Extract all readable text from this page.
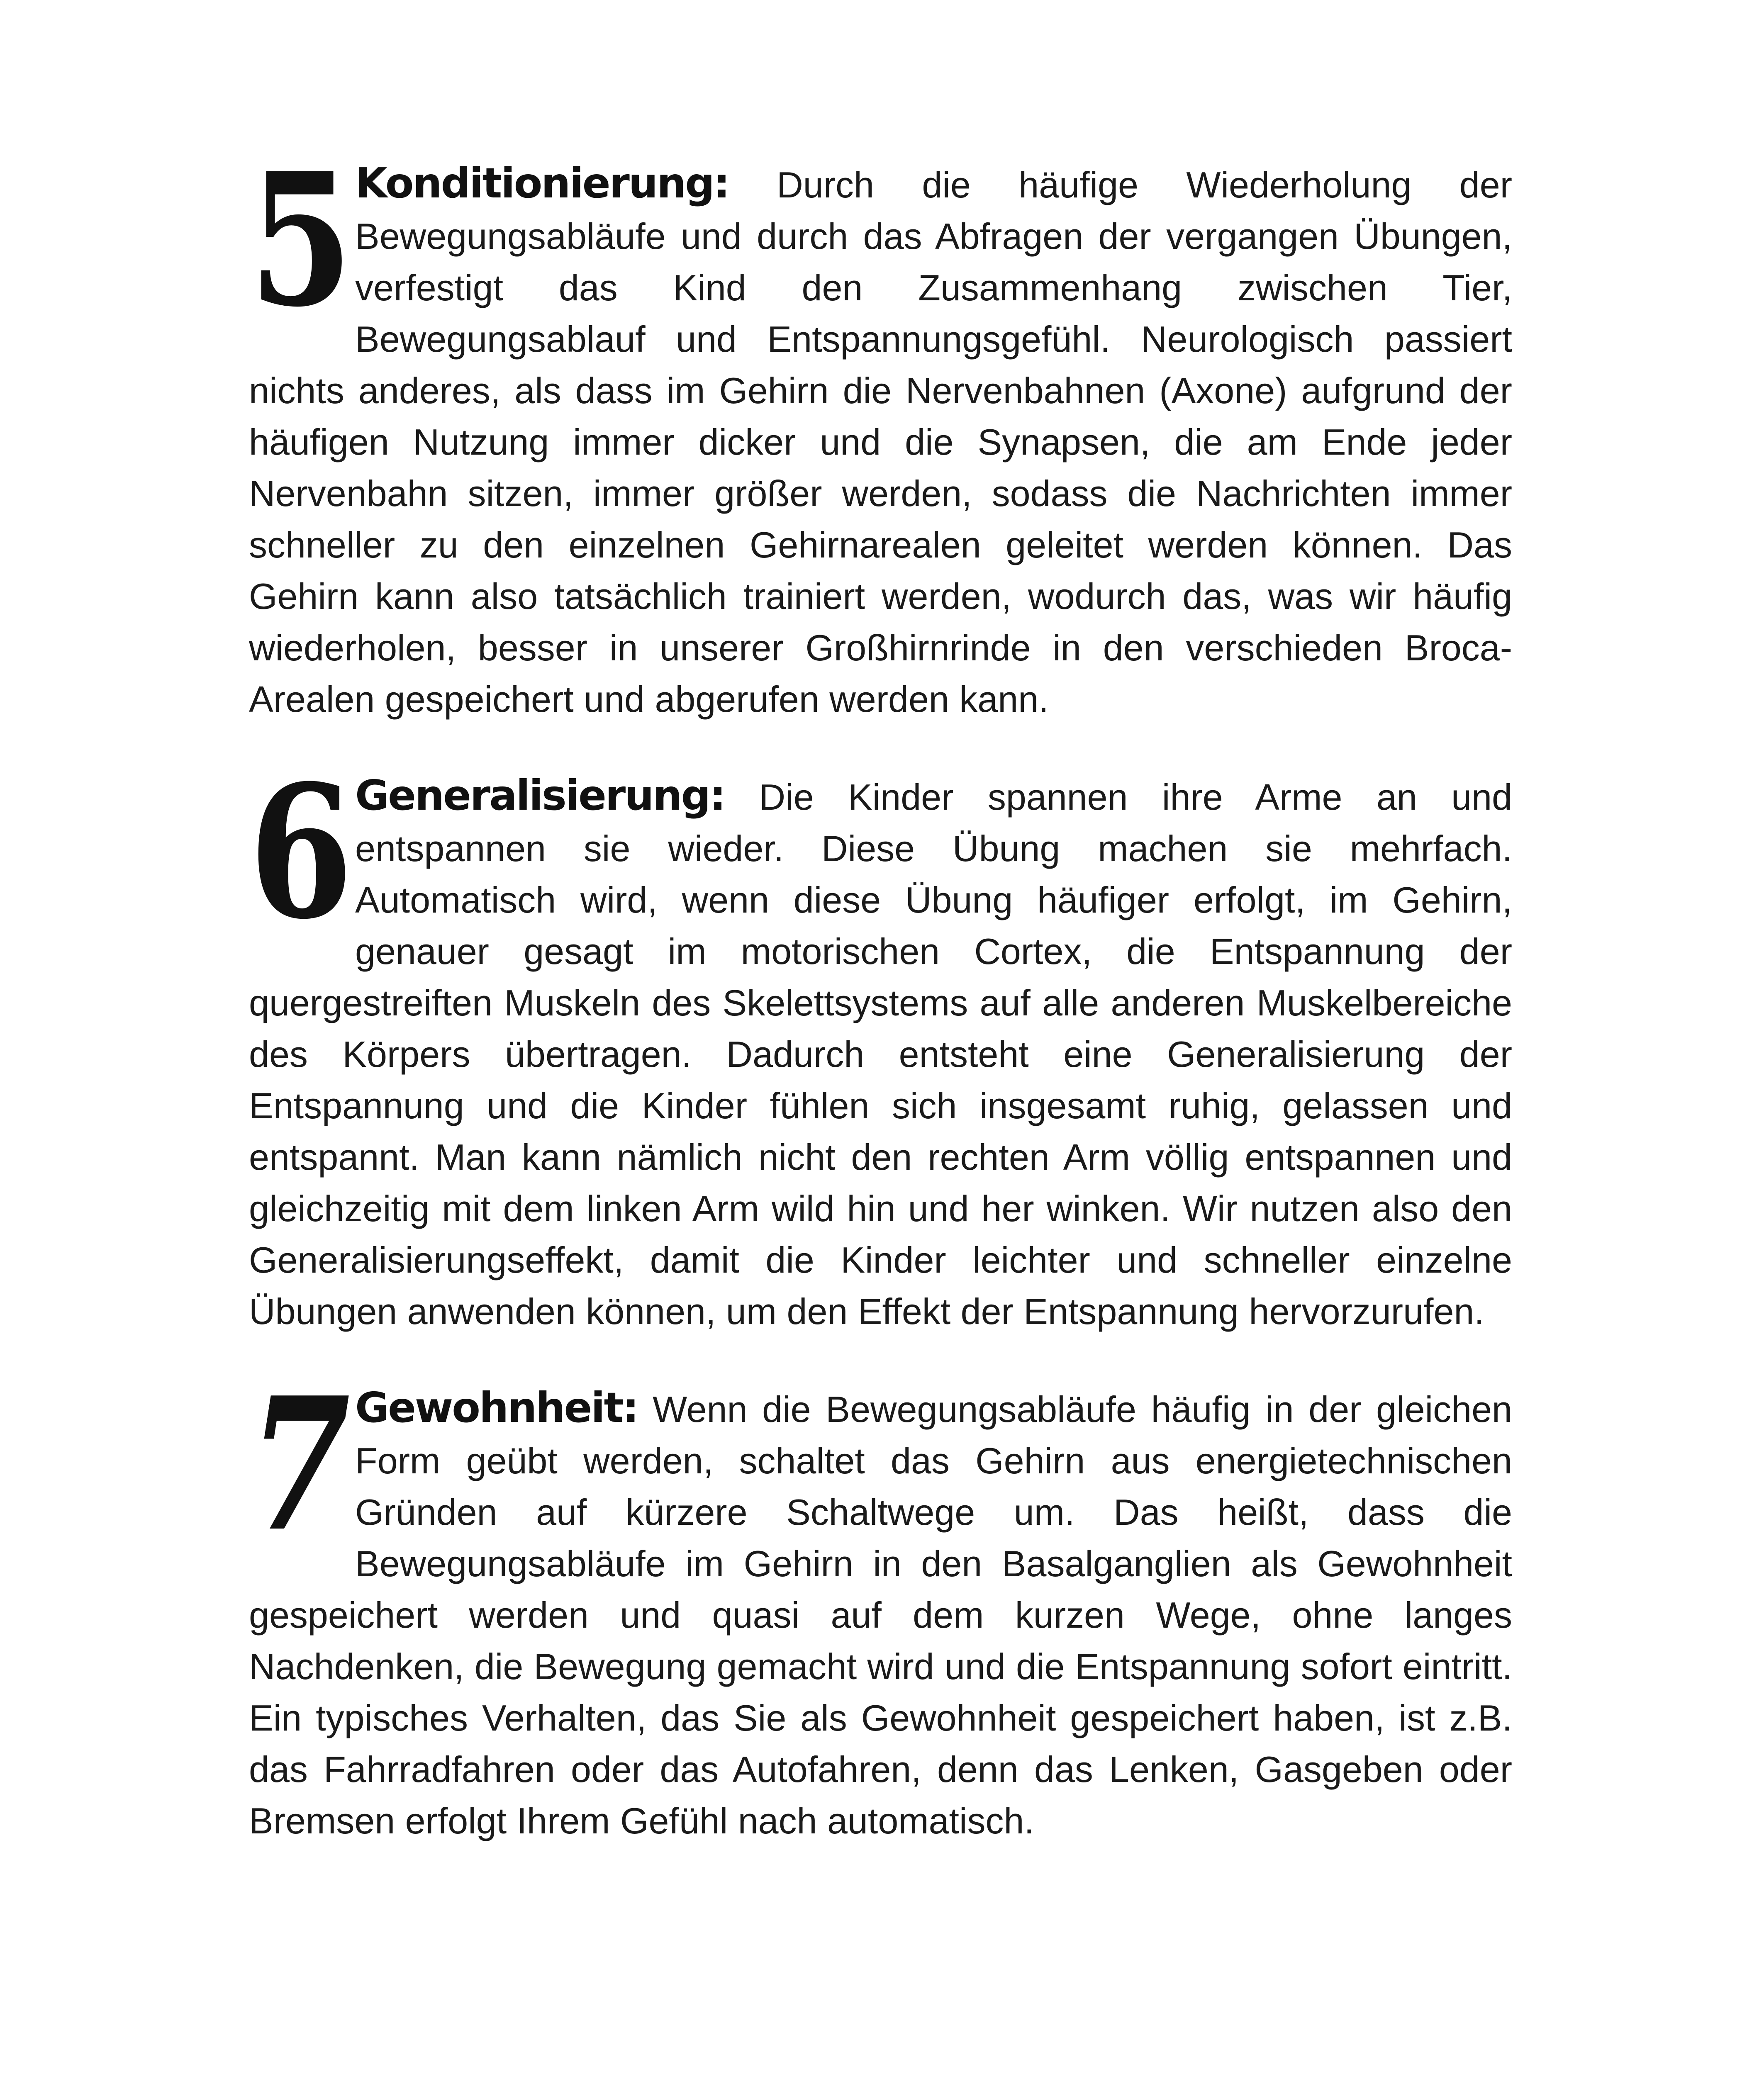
5 Konditionierung: Durch die häufige Wiederholung der Bewegungsabläufe und durch das Abfragen der vergangen Übungen, verfestigt das Kind den Zusammenhang zwischen Tier, Bewegungsablauf und Entspannungsgefühl. Neurologisch passiert nichts anderes, als dass im Gehirn die Nervenbahnen (Axone) aufgrund der häufigen Nutzung immer dicker und die Synapsen, die am Ende jeder Nervenbahn sitzen, immer größer werden, sodass die Nachrichten immer schneller zu den einzelnen Gehirnarealen geleitet werden können. Das Gehirn kann also tatsächlich trainiert werden, wodurch das, was wir häufig wiederholen, besser in unserer Großhirnrinde in den verschieden Broca-Arealen gespeichert und abgerufen werden kann.

6 Generalisierung: Die Kinder spannen ihre Arme an und entspannen sie wieder. Diese Übung machen sie mehrfach. Automatisch wird, wenn diese Übung häufiger erfolgt, im Gehirn, genauer gesagt im motorischen Cortex, die Entspannung der quergestreiften Muskeln des Skelettsystems auf alle anderen Muskelbereiche des Körpers übertragen. Dadurch entsteht eine Generalisierung der Entspannung und die Kinder fühlen sich insgesamt ruhig, gelassen und entspannt. Man kann nämlich nicht den rechten Arm völlig entspannen und gleichzeitig mit dem linken Arm wild hin und her winken. Wir nutzen also den Generalisierungseffekt, damit die Kinder leichter und schneller einzelne Übungen anwenden können, um den Effekt der Entspannung hervorzurufen.

7 Gewohnheit: Wenn die Bewegungsabläufe häufig in der gleichen Form geübt werden, schaltet das Gehirn aus energietechnischen Gründen auf kürzere Schaltwege um. Das heißt, dass die Bewegungsabläufe im Gehirn in den Basalganglien als Gewohnheit gespeichert werden und quasi auf dem kurzen Wege, ohne langes Nachdenken, die Bewegung gemacht wird und die Entspannung sofort eintritt. Ein typisches Verhalten, das Sie als Gewohnheit gespeichert haben, ist z.B. das Fahrradfahren oder das Autofahren, denn das Lenken, Gasgeben oder Bremsen erfolgt Ihrem Gefühl nach automatisch.
